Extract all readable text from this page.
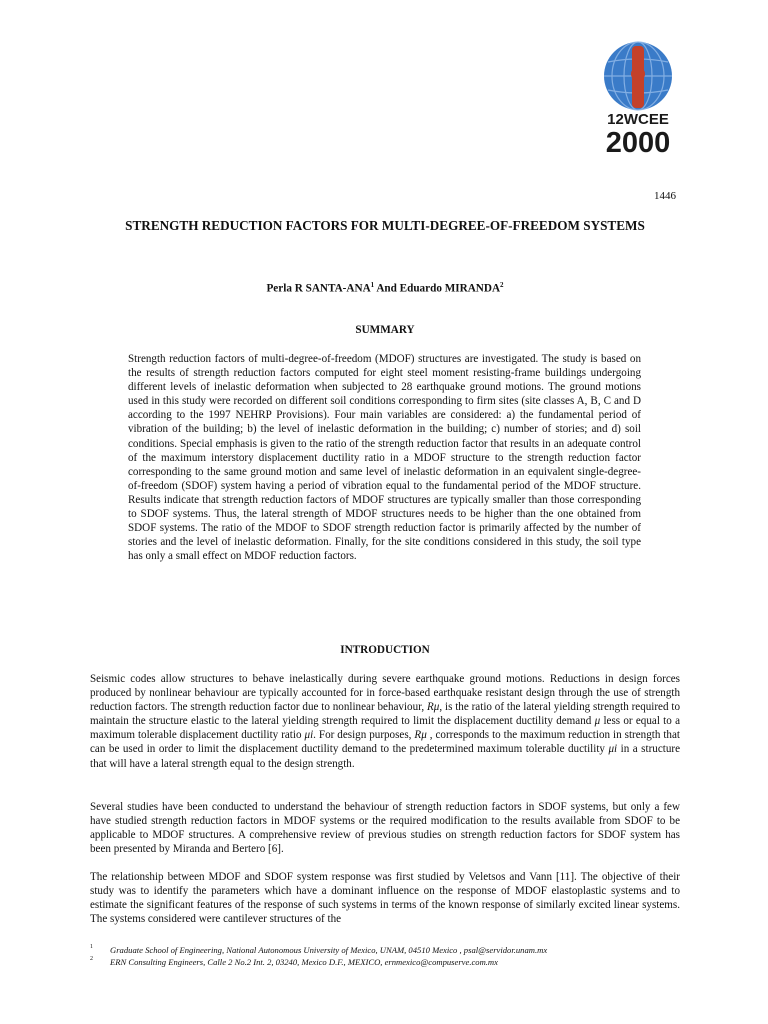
12WCEE
2000
1446
STRENGTH REDUCTION FACTORS FOR MULTI-DEGREE-OF-FREEDOM SYSTEMS

Perla R SANTA-ANA$^1$ And Eduardo MIRANDA$^2$

SUMMARY

Strength reduction factors of multi-degree-of-freedom (MDOF) structures are investigated. The study is based on the results of strength reduction factors computed for eight steel moment resisting-frame buildings undergoing different levels of inelastic deformation when subjected to 28 earthquake ground motions. The ground motions used in this study were recorded on different soil conditions corresponding to firm sites (site classes A, B, C and D according to the 1997 NEHRP Provisions). Four main variables are considered: a) the fundamental period of vibration of the building; b) the level of inelastic deformation in the building; c) number of stories; and d) soil conditions. Special emphasis is given to the ratio of the strength reduction factor that results in an adequate control of the maximum interstory displacement ductility ratio in a MDOF structure to the strength reduction factor corresponding to the same ground motion and same level of inelastic deformation in an equivalent single-degree-of-freedom (SDOF) system having a period of vibration equal to the fundamental period of the MDOF structure. Results indicate that strength reduction factors of MDOF structures are typically smaller than those corresponding to SDOF systems. Thus, the lateral strength of MDOF structures needs to be higher than the one obtained from SDOF systems. The ratio of the MDOF to SDOF strength reduction factor is primarily affected by the number of stories and the level of inelastic deformation. Finally, for the site conditions considered in this study, the soil type has only a small effect on MDOF reduction factors.

INTRODUCTION

Seismic codes allow structures to behave inelastically during severe earthquake ground motions. Reductions in design forces produced by nonlinear behaviour are typically accounted for in force-based earthquake resistant design through the use of strength reduction factors. The strength reduction factor due to nonlinear behaviour, Rμ, is the ratio of the lateral yielding strength required to maintain the structure elastic to the lateral yielding strength required to limit the displacement ductility demand μ less or equal to a maximum tolerable displacement ductility ratio μi. For design purposes, Rμ , corresponds to the maximum reduction in strength that can be used in order to limit the displacement ductility demand to the predetermined maximum tolerable ductility μi in a structure that will have a lateral strength equal to the design strength.

Several studies have been conducted to understand the behaviour of strength reduction factors in SDOF systems, but only a few have studied strength reduction factors in MDOF systems or the required modification to the results available from SDOF to be applicable to MDOF structures. A comprehensive review of previous studies on strength reduction factors for SDOF system has been presented by Miranda and Bertero [6].

The relationship between MDOF and SDOF system response was first studied by Veletsos and Vann [11]. The objective of their study was to identify the parameters which have a dominant influence on the response of MDOF elastoplastic systems and to estimate the significant features of the response of such systems in terms of the known response of similarly excited linear systems. The systems considered were cantilever structures of the

1 Graduate School of Engineering, National Autonomous University of Mexico, UNAM, 04510 Mexico , psal@servidor.unam.mx
2 ERN Consulting Engineers, Calle 2 No.2 Int. 2, 03240, Mexico D.F., MEXICO, ernmexico@compuserve.com.mx
